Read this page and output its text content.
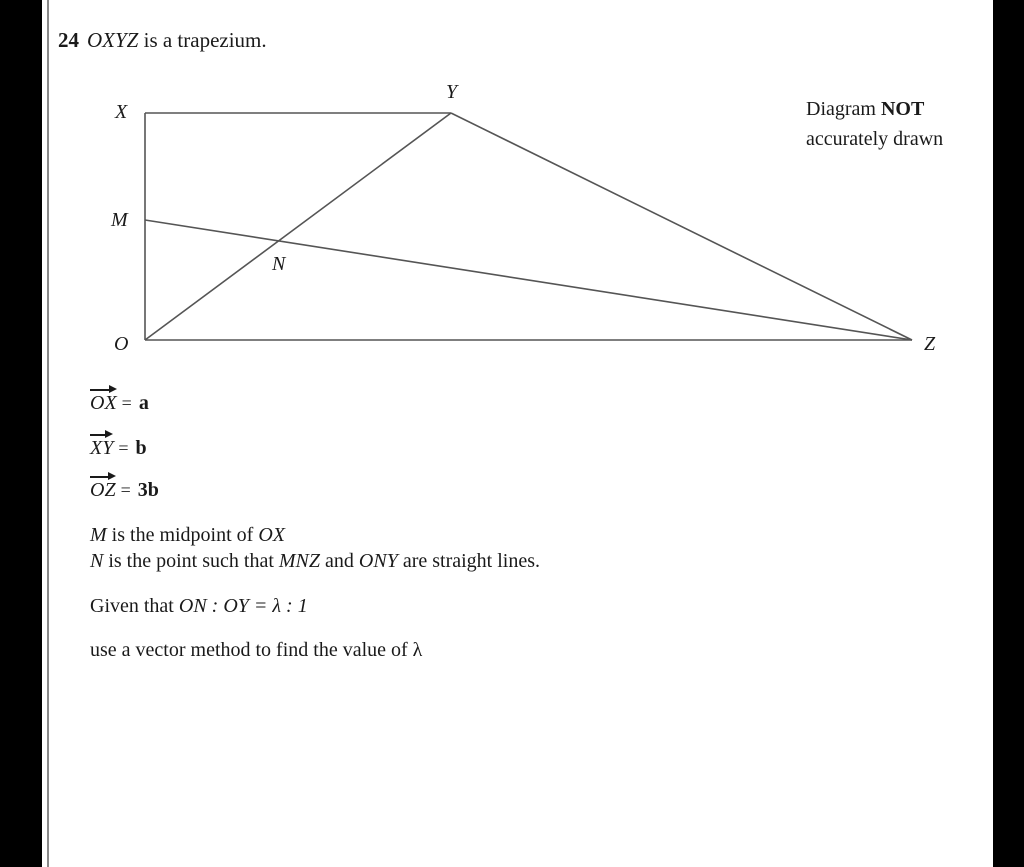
24 OXYZ is a trapezium.
X
Y
M
N
O	Z
Diagram NOT
accurately drawn
OX = a
XY = b
OZ = 3b
M is the midpoint of OX
N is the point such that MNZ and ONY are straight lines.
Given that ON : OY = λ : 1
use a vector method to find the value of λ
